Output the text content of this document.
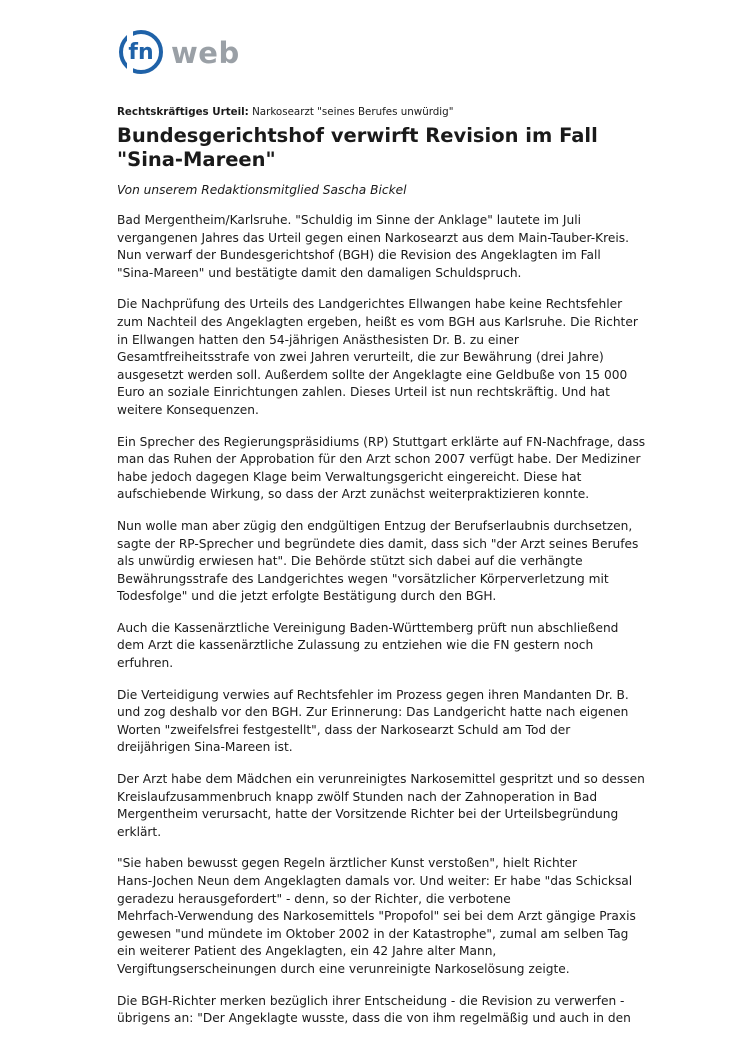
fn web
Rechtskräftiges Urteil: Narkosearzt "seines Berufes unwürdig"
Bundesgerichtshof verwirft Revision im Fall
"Sina-Mareen"
Von unserem Redaktionsmitglied Sascha Bickel

Bad Mergentheim/Karlsruhe. "Schuldig im Sinne der Anklage" lautete im Juli
vergangenen Jahres das Urteil gegen einen Narkosearzt aus dem Main-Tauber-Kreis.
Nun verwarf der Bundesgerichtshof (BGH) die Revision des Angeklagten im Fall
"Sina-Mareen" und bestätigte damit den damaligen Schuldspruch.

Die Nachprüfung des Urteils des Landgerichtes Ellwangen habe keine Rechtsfehler
zum Nachteil des Angeklagten ergeben, heißt es vom BGH aus Karlsruhe. Die Richter
in Ellwangen hatten den 54-jährigen Anästhesisten Dr. B. zu einer
Gesamtfreiheitsstrafe von zwei Jahren verurteilt, die zur Bewährung (drei Jahre)
ausgesetzt werden soll. Außerdem sollte der Angeklagte eine Geldbuße von 15 000
Euro an soziale Einrichtungen zahlen. Dieses Urteil ist nun rechtskräftig. Und hat
weitere Konsequenzen.

Ein Sprecher des Regierungspräsidiums (RP) Stuttgart erklärte auf FN-Nachfrage, dass
man das Ruhen der Approbation für den Arzt schon 2007 verfügt habe. Der Mediziner
habe jedoch dagegen Klage beim Verwaltungsgericht eingereicht. Diese hat
aufschiebende Wirkung, so dass der Arzt zunächst weiterpraktizieren konnte.

Nun wolle man aber zügig den endgültigen Entzug der Berufserlaubnis durchsetzen,
sagte der RP-Sprecher und begründete dies damit, dass sich "der Arzt seines Berufes
als unwürdig erwiesen hat". Die Behörde stützt sich dabei auf die verhängte
Bewährungsstrafe des Landgerichtes wegen "vorsätzlicher Körperverletzung mit
Todesfolge" und die jetzt erfolgte Bestätigung durch den BGH.

Auch die Kassenärztliche Vereinigung Baden-Württemberg prüft nun abschließend
dem Arzt die kassenärztliche Zulassung zu entziehen wie die FN gestern noch
erfuhren.

Die Verteidigung verwies auf Rechtsfehler im Prozess gegen ihren Mandanten Dr. B.
und zog deshalb vor den BGH. Zur Erinnerung: Das Landgericht hatte nach eigenen
Worten "zweifelsfrei festgestellt", dass der Narkosearzt Schuld am Tod der
dreijährigen Sina-Mareen ist.

Der Arzt habe dem Mädchen ein verunreinigtes Narkosemittel gespritzt und so dessen
Kreislaufzusammenbruch knapp zwölf Stunden nach der Zahnoperation in Bad
Mergentheim verursacht, hatte der Vorsitzende Richter bei der Urteilsbegründung
erklärt.

"Sie haben bewusst gegen Regeln ärztlicher Kunst verstoßen", hielt Richter
Hans-Jochen Neun dem Angeklagten damals vor. Und weiter: Er habe "das Schicksal
geradezu herausgefordert" - denn, so der Richter, die verbotene
Mehrfach-Verwendung des Narkosemittels "Propofol" sei bei dem Arzt gängige Praxis
gewesen "und mündete im Oktober 2002 in der Katastrophe", zumal am selben Tag
ein weiterer Patient des Angeklagten, ein 42 Jahre alter Mann,
Vergiftungserscheinungen durch eine verunreinigte Narkoselösung zeigte.

Die BGH-Richter merken bezüglich ihrer Entscheidung - die Revision zu verwerfen -
übrigens an: "Der Angeklagte wusste, dass die von ihm regelmäßig und auch in den
